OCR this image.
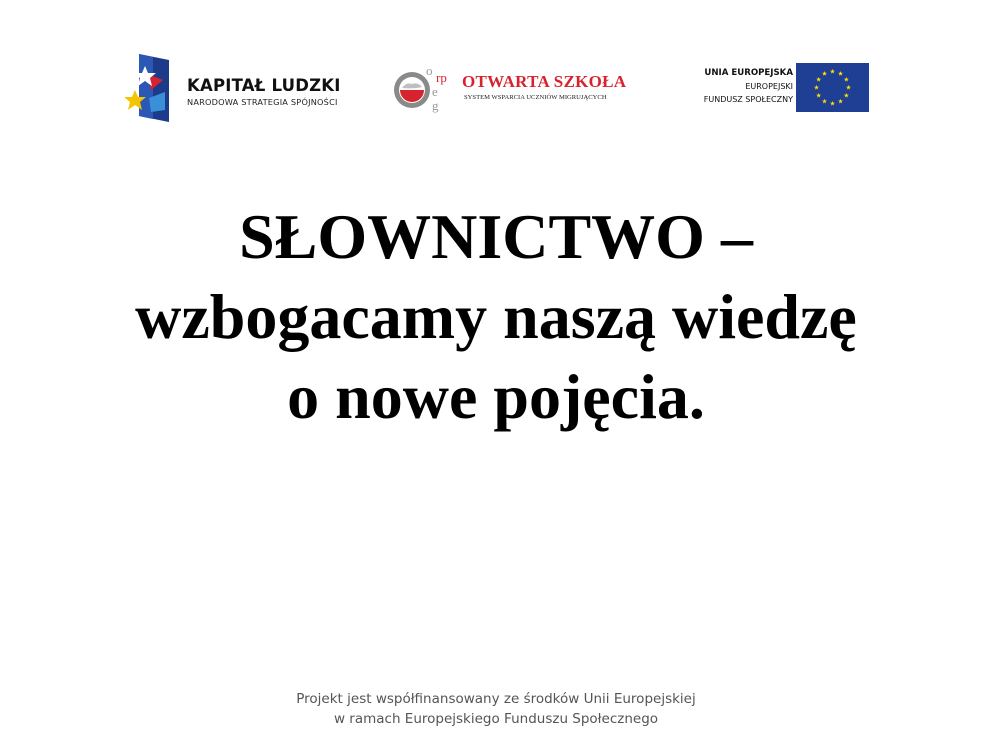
KAPITAŁ LUDZKI
NARODOWA STRATEGIA SPÓJNOŚCI
o rp
e
g
OTWARTA SZKOŁA
SYSTEM WSPARCIA UCZNIÓW MIGRUJĄCYCH
UNIA EUROPEJSKA
EUROPEJSKI
FUNDUSZ SPOŁECZNY
SŁOWNICTWO –
wzbogacamy naszą wiedzę
o nowe pojęcia.
Projekt jest współfinansowany ze środków Unii Europejskiej
w ramach Europejskiego Funduszu Społecznego
